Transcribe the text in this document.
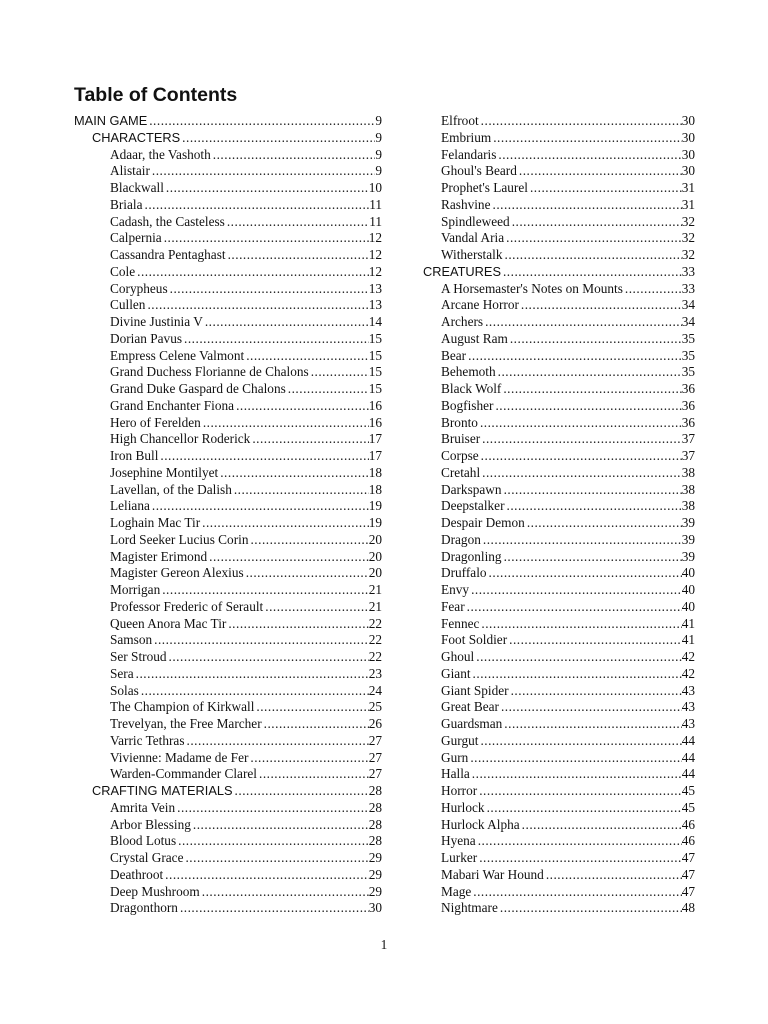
Table of Contents
MAIN GAME .....	9
CHARACTERS .....	9
Adaar, the Vashoth .....	9
Alistair .....	9
Blackwall .....	10
Briala .....	11
Cadash, the Casteless .....	11
Calpernia .....	12
Cassandra Pentaghast .....	12
Cole .....	12
Corypheus .....	13
Cullen .....	13
Divine Justinia V .....	14
Dorian Pavus .....	15
Empress Celene Valmont .....	15
Grand Duchess Florianne de Chalons .....	15
Grand Duke Gaspard de Chalons .....	15
Grand Enchanter Fiona .....	16
Hero of Ferelden .....	16
High Chancellor Roderick .....	17
Iron Bull .....	17
Josephine Montilyet .....	18
Lavellan, of the Dalish .....	18
Leliana .....	19
Loghain Mac Tir .....	19
Lord Seeker Lucius Corin .....	20
Magister Erimond .....	20
Magister Gereon Alexius .....	20
Morrigan .....	21
Professor Frederic of Serault .....	21
Queen Anora Mac Tir .....	22
Samson .....	22
Ser Stroud .....	22
Sera .....	23
Solas .....	24
The Champion of Kirkwall .....	25
Trevelyan, the Free Marcher .....	26
Varric Tethras .....	27
Vivienne: Madame de Fer .....	27
Warden-Commander Clarel .....	27
CRAFTING MATERIALS .....	28
Amrita Vein .....	28
Arbor Blessing .....	28
Blood Lotus .....	28
Crystal Grace .....	29
Deathroot .....	29
Deep Mushroom .....	29
Dragonthorn .....	30
Elfroot .....	30
Embrium .....	30
Felandaris .....	30
Ghoul's Beard .....	30
Prophet's Laurel .....	31
Rashvine .....	31
Spindleweed .....	32
Vandal Aria .....	32
Witherstalk .....	32
CREATURES .....	33
A Horsemaster's Notes on Mounts .....	33
Arcane Horror .....	34
Archers .....	34
August Ram .....	35
Bear .....	35
Behemoth .....	35
Black Wolf .....	36
Bogfisher .....	36
Bronto .....	36
Bruiser .....	37
Corpse .....	37
Cretahl .....	38
Darkspawn .....	38
Deepstalker .....	38
Despair Demon .....	39
Dragon .....	39
Dragonling .....	39
Druffalo .....	40
Envy .....	40
Fear .....	40
Fennec .....	41
Foot Soldier .....	41
Ghoul .....	42
Giant .....	42
Giant Spider .....	43
Great Bear .....	43
Guardsman .....	43
Gurgut .....	44
Gurn .....	44
Halla .....	44
Horror .....	45
Hurlock .....	45
Hurlock Alpha .....	46
Hyena .....	46
Lurker .....	47
Mabari War Hound .....	47
Mage .....	47
Nightmare .....	48
1
